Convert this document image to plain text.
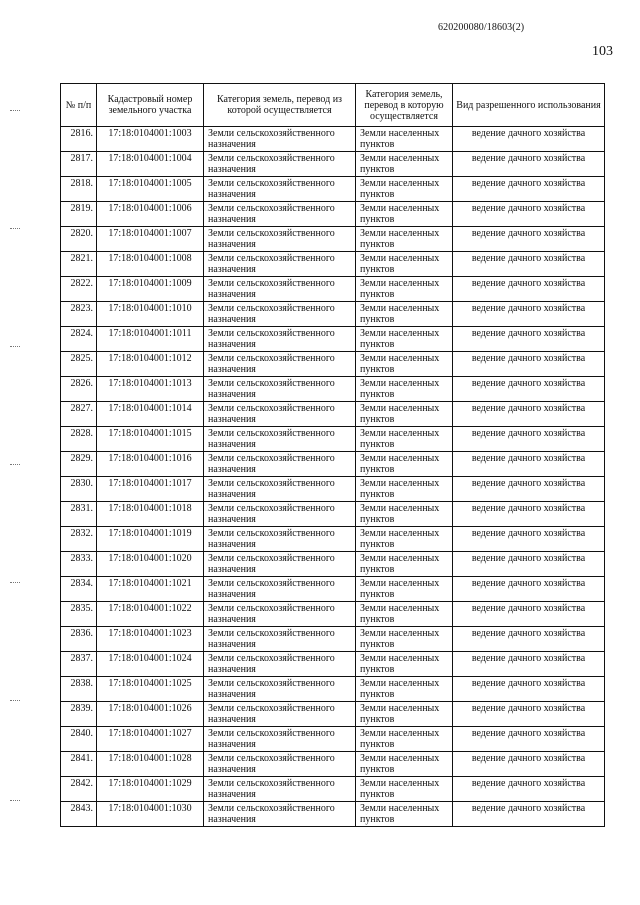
620200080/18603(2)
103
№ п/п	Кадастровый номер земельного участка	Категория земель, перевод из которой осуществляется	Категория земель, перевод в которую осуществляется	Вид разрешенного использования
2816.	17:18:0104001:1003	Земли сельскохозяйственного назначения	Земли населенных пунктов	ведение дачного хозяйства
2817.	17:18:0104001:1004	Земли сельскохозяйственного назначения	Земли населенных пунктов	ведение дачного хозяйства
2818.	17:18:0104001:1005	Земли сельскохозяйственного назначения	Земли населенных пунктов	ведение дачного хозяйства
2819.	17:18:0104001:1006	Земли сельскохозяйственного назначения	Земли населенных пунктов	ведение дачного хозяйства
2820.	17:18:0104001:1007	Земли сельскохозяйственного назначения	Земли населенных пунктов	ведение дачного хозяйства
2821.	17:18:0104001:1008	Земли сельскохозяйственного назначения	Земли населенных пунктов	ведение дачного хозяйства
2822.	17:18:0104001:1009	Земли сельскохозяйственного назначения	Земли населенных пунктов	ведение дачного хозяйства
2823.	17:18:0104001:1010	Земли сельскохозяйственного назначения	Земли населенных пунктов	ведение дачного хозяйства
2824.	17:18:0104001:1011	Земли сельскохозяйственного назначения	Земли населенных пунктов	ведение дачного хозяйства
2825.	17:18:0104001:1012	Земли сельскохозяйственного назначения	Земли населенных пунктов	ведение дачного хозяйства
2826.	17:18:0104001:1013	Земли сельскохозяйственного назначения	Земли населенных пунктов	ведение дачного хозяйства
2827.	17:18:0104001:1014	Земли сельскохозяйственного назначения	Земли населенных пунктов	ведение дачного хозяйства
2828.	17:18:0104001:1015	Земли сельскохозяйственного назначения	Земли населенных пунктов	ведение дачного хозяйства
2829.	17:18:0104001:1016	Земли сельскохозяйственного назначения	Земли населенных пунктов	ведение дачного хозяйства
2830.	17:18:0104001:1017	Земли сельскохозяйственного назначения	Земли населенных пунктов	ведение дачного хозяйства
2831.	17:18:0104001:1018	Земли сельскохозяйственного назначения	Земли населенных пунктов	ведение дачного хозяйства
2832.	17:18:0104001:1019	Земли сельскохозяйственного назначения	Земли населенных пунктов	ведение дачного хозяйства
2833.	17:18:0104001:1020	Земли сельскохозяйственного назначения	Земли населенных пунктов	ведение дачного хозяйства
2834.	17:18:0104001:1021	Земли сельскохозяйственного назначения	Земли населенных пунктов	ведение дачного хозяйства
2835.	17:18:0104001:1022	Земли сельскохозяйственного назначения	Земли населенных пунктов	ведение дачного хозяйства
2836.	17:18:0104001:1023	Земли сельскохозяйственного назначения	Земли населенных пунктов	ведение дачного хозяйства
2837.	17:18:0104001:1024	Земли сельскохозяйственного назначения	Земли населенных пунктов	ведение дачного хозяйства
2838.	17:18:0104001:1025	Земли сельскохозяйственного назначения	Земли населенных пунктов	ведение дачного хозяйства
2839.	17:18:0104001:1026	Земли сельскохозяйственного назначения	Земли населенных пунктов	ведение дачного хозяйства
2840.	17:18:0104001:1027	Земли сельскохозяйственного назначения	Земли населенных пунктов	ведение дачного хозяйства
2841.	17:18:0104001:1028	Земли сельскохозяйственного назначения	Земли населенных пунктов	ведение дачного хозяйства
2842.	17:18:0104001:1029	Земли сельскохозяйственного назначения	Земли населенных пунктов	ведение дачного хозяйства
2843.	17:18:0104001:1030	Земли сельскохозяйственного назначения	Земли населенных пунктов	ведение дачного хозяйства
